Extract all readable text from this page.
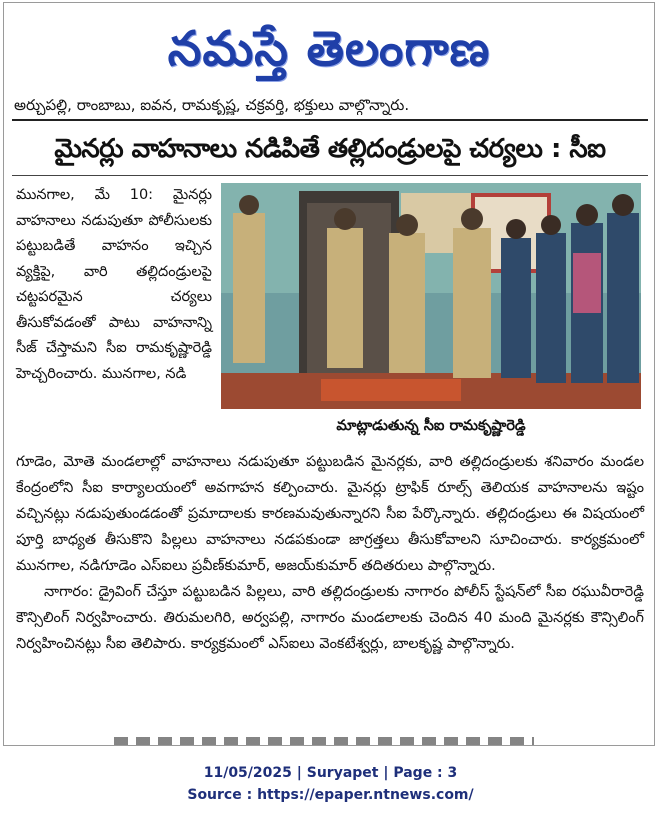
నమస్తే తెలంగాణ
అర్చుపల్లి, రాంబాబు, ఐవన, రామకృష్ణ, చక్రవర్తి, భక్తులు వాల్గొన్నారు.
మైనర్లు వాహనాలు నడిపితే తల్లిదండ్రులపై చర్యలు : సీఐ

మునగాల, మే 10: మైనర్లు వాహనాలు నడుపుతూ పోలీసులకు పట్టుబడితే వాహనం ఇచ్చిన వ్యక్తిపై, వారి తల్లిదండ్రులపై చట్టపరమైన చర్యలు తీసుకోవడంతో పాటు వాహనాన్ని సీజ్ చేస్తామని సీఐ రామకృష్ణారెడ్డి హెచ్చరించారు. మునగాల, నడి

మాట్లాడుతున్న సీఐ రామకృష్ణారెడ్డి

గూడెం, మోతె మండలాల్లో వాహనాలు నడుపుతూ పట్టుబడిన మైనర్లకు, వారి తల్లిదండ్రులకు శనివారం మండల కేంద్రంలోని సీఐ కార్యాలయంలో అవగాహన కల్పించారు. మైనర్లు ట్రాఫిక్ రూల్స్ తెలియక వాహనాలను ఇష్టం వచ్చినట్లు నడుపుతుండడంతో ప్రమాదాలకు కారణమవుతున్నారని సీఐ పేర్కొన్నారు. తల్లిదండ్రులు ఈ విషయంలో పూర్తి బాధ్యత తీసుకొని పిల్లలు వాహనాలు నడపకుండా జాగ్రత్తలు తీసుకోవాలని సూచించారు. కార్యక్రమంలో మునగాల, నడిగూడెం ఎస్ఐలు ప్రవీణ్‌కుమార్, అజయ్‌కుమార్ తదితరులు పాల్గొన్నారు.

నాగారం: డ్రైవింగ్ చేస్తూ పట్టుబడిన పిల్లలు, వారి తల్లిదండ్రులకు నాగారం పోలీస్ స్టేషన్‌లో సీఐ రఘువీరారెడ్డి కౌన్సిలింగ్ నిర్వహించారు. తిరుమలగిరి, అర్వపల్లి, నాగారం మండలాలకు చెందిన 40 మంది మైనర్లకు కౌన్సిలింగ్ నిర్వహించినట్లు సీఐ తెలిపారు. కార్యక్రమంలో ఎస్ఐలు వెంకటేశ్వర్లు, బాలకృష్ణ పాల్గొన్నారు.

11/05/2025 | Suryapet | Page : 3
Source : https://epaper.ntnews.com/
